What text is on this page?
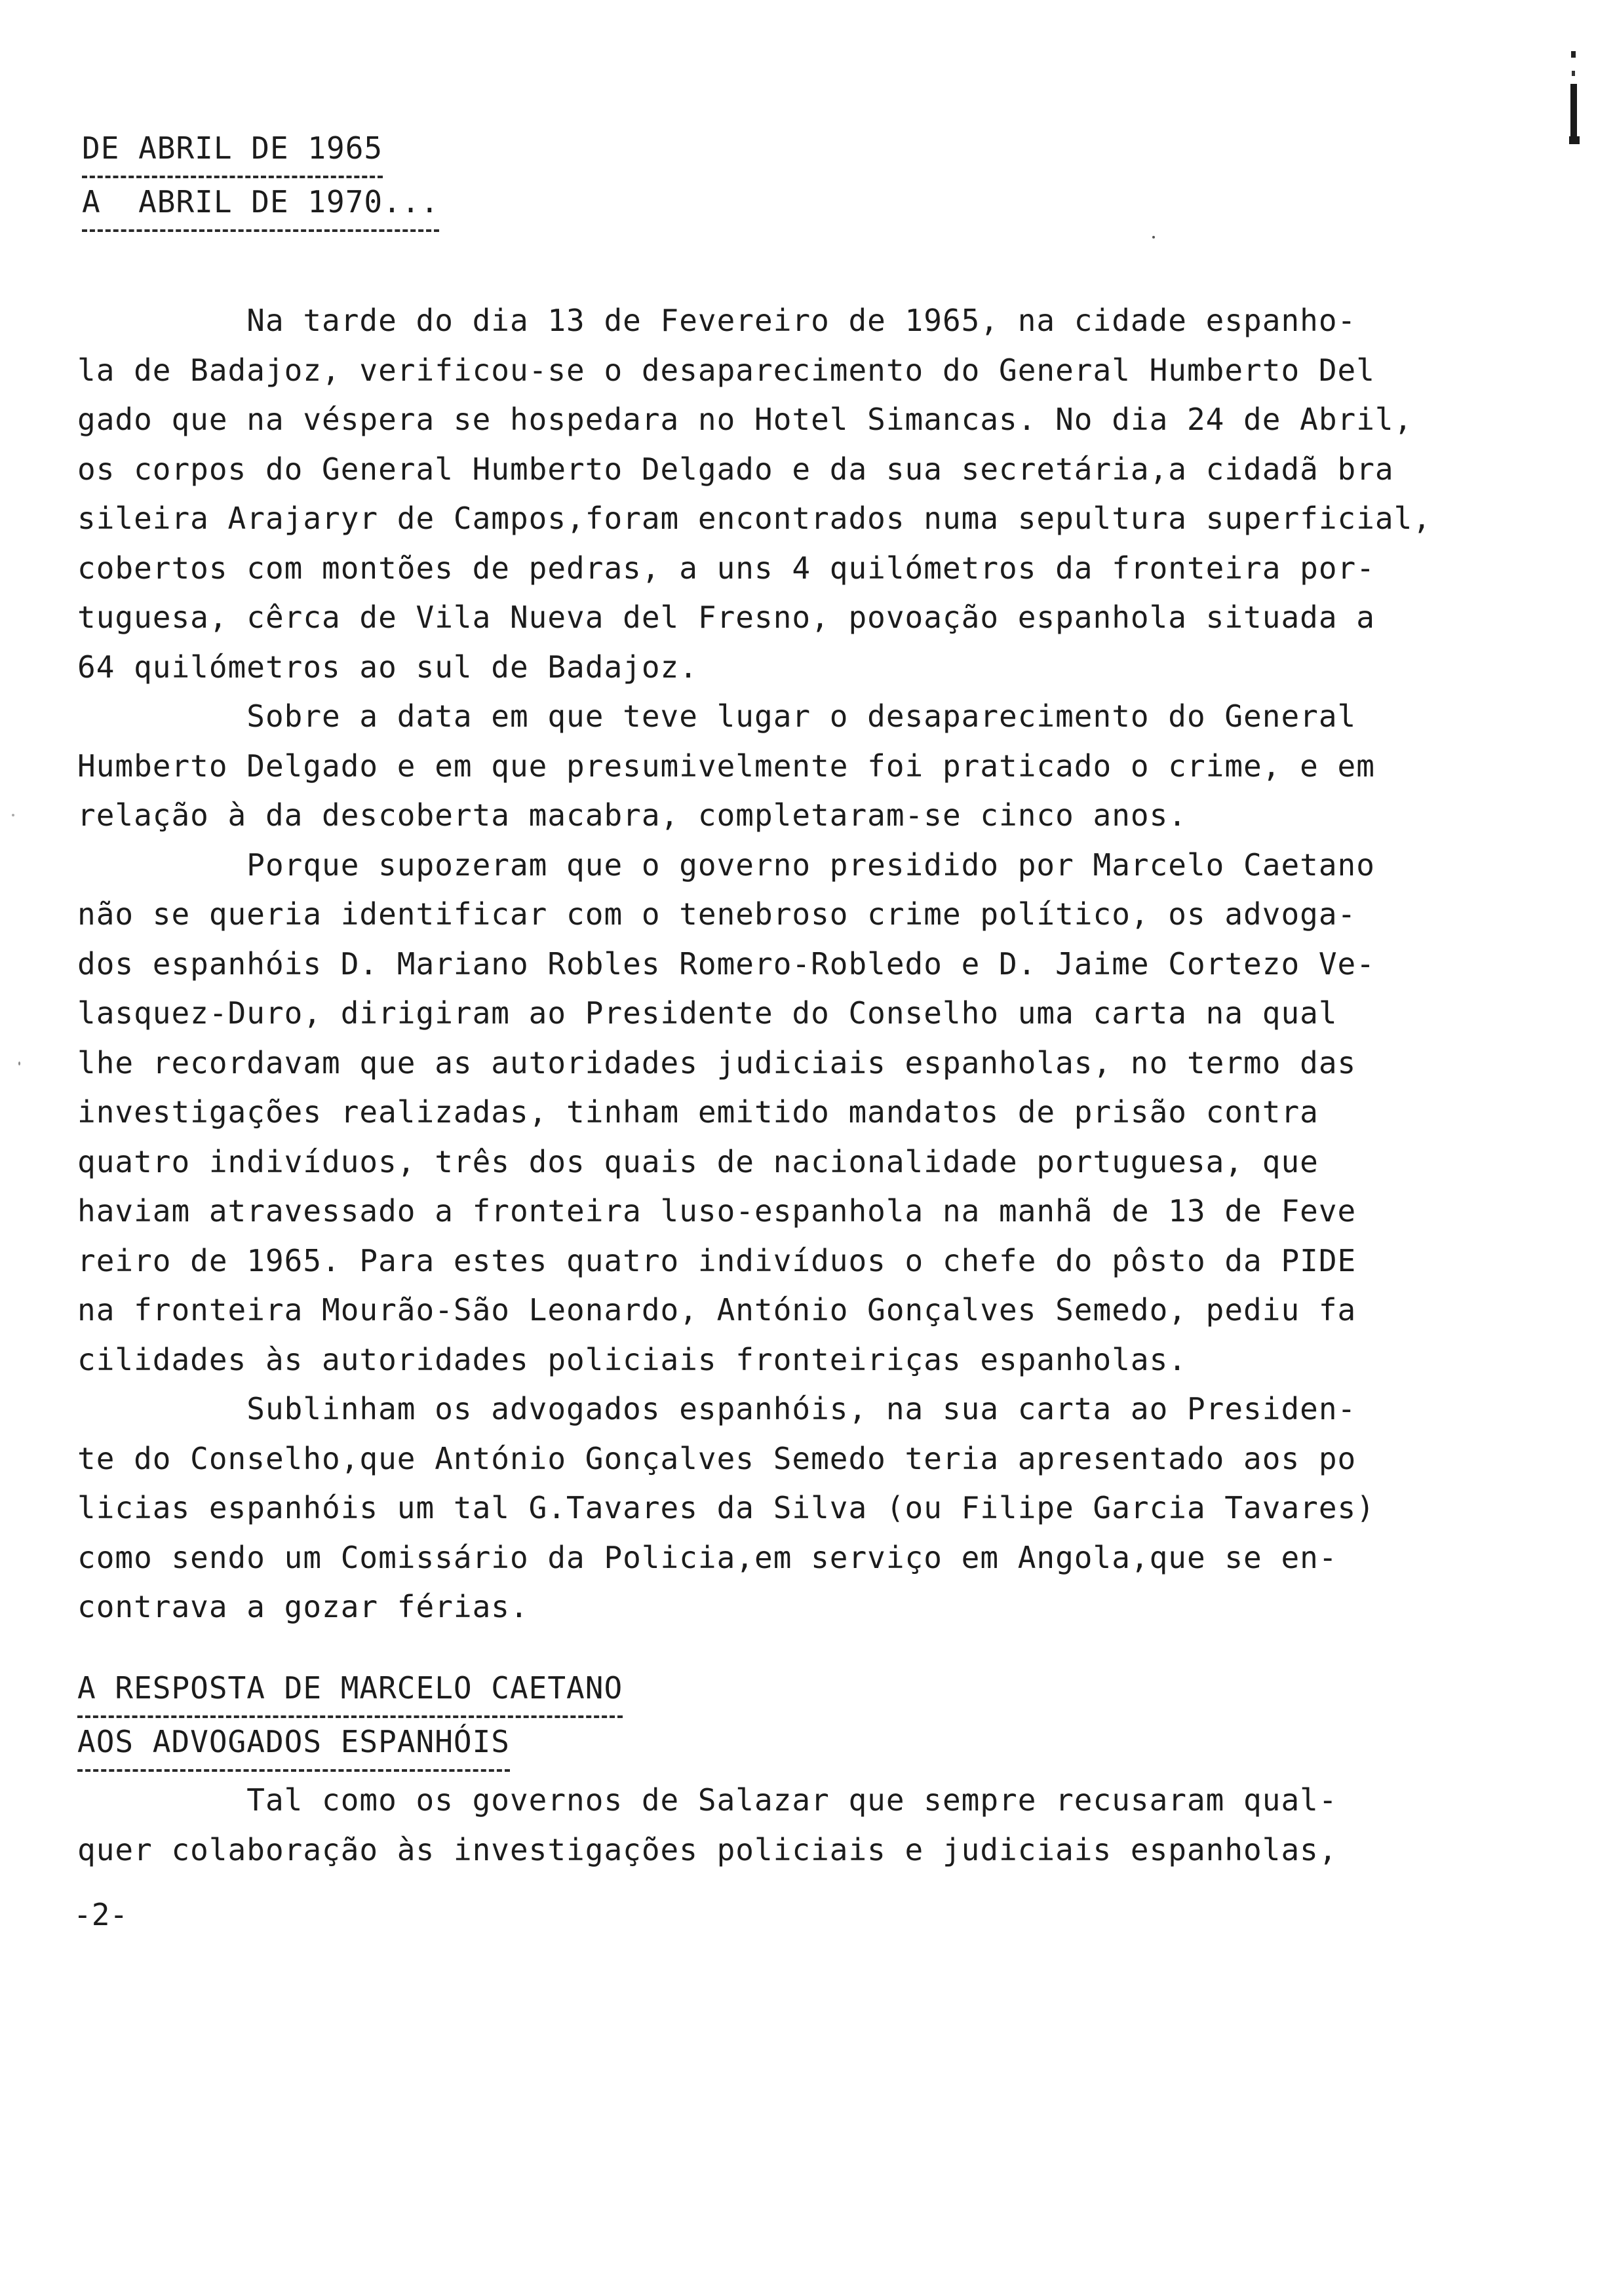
DE ABRIL DE 1965
A  ABRIL DE 1970...
Na tarde do dia 13 de Fevereiro de 1965, na cidade espanho-
la de Badajoz, verificou-se o desaparecimento do General Humberto Del
gado que na véspera se hospedara no Hotel Simancas. No dia 24 de Abril,
os corpos do General Humberto Delgado e da sua secretária,a cidadã bra
sileira Arajaryr de Campos,foram encontrados numa sepultura superficial,
cobertos com montões de pedras, a uns 4 quilómetros da fronteira por-
tuguesa, cêrca de Vila Nueva del Fresno, povoação espanhola situada a
64 quilómetros ao sul de Badajoz.
Sobre a data em que teve lugar o desaparecimento do General
Humberto Delgado e em que presumivelmente foi praticado o crime, e em
relação à da descoberta macabra, completaram-se cinco anos.
Porque supozeram que o governo presidido por Marcelo Caetano
não se queria identificar com o tenebroso crime político, os advoga-
dos espanhóis D. Mariano Robles Romero-Robledo e D. Jaime Cortezo Ve-
lasquez-Duro, dirigiram ao Presidente do Conselho uma carta na qual
lhe recordavam que as autoridades judiciais espanholas, no termo das
investigações realizadas, tinham emitido mandatos de prisão contra
quatro indivíduos, três dos quais de nacionalidade portuguesa, que
haviam atravessado a fronteira luso-espanhola na manhã de 13 de Feve
reiro de 1965. Para estes quatro indivíduos o chefe do pôsto da PIDE
na fronteira Mourão-São Leonardo, António Gonçalves Semedo, pediu fa
cilidades às autoridades policiais fronteiriças espanholas.
Sublinham os advogados espanhóis, na sua carta ao Presiden-
te do Conselho,que António Gonçalves Semedo teria apresentado aos po
licias espanhóis um tal G.Tavares da Silva (ou Filipe Garcia Tavares)
como sendo um Comissário da Policia,em serviço em Angola,que se en-
contrava a gozar férias.
A RESPOSTA DE MARCELO CAETANO
AOS ADVOGADOS ESPANHÓIS
Tal como os governos de Salazar que sempre recusaram qual-
quer colaboração às investigações policiais e judiciais espanholas,
-2-
